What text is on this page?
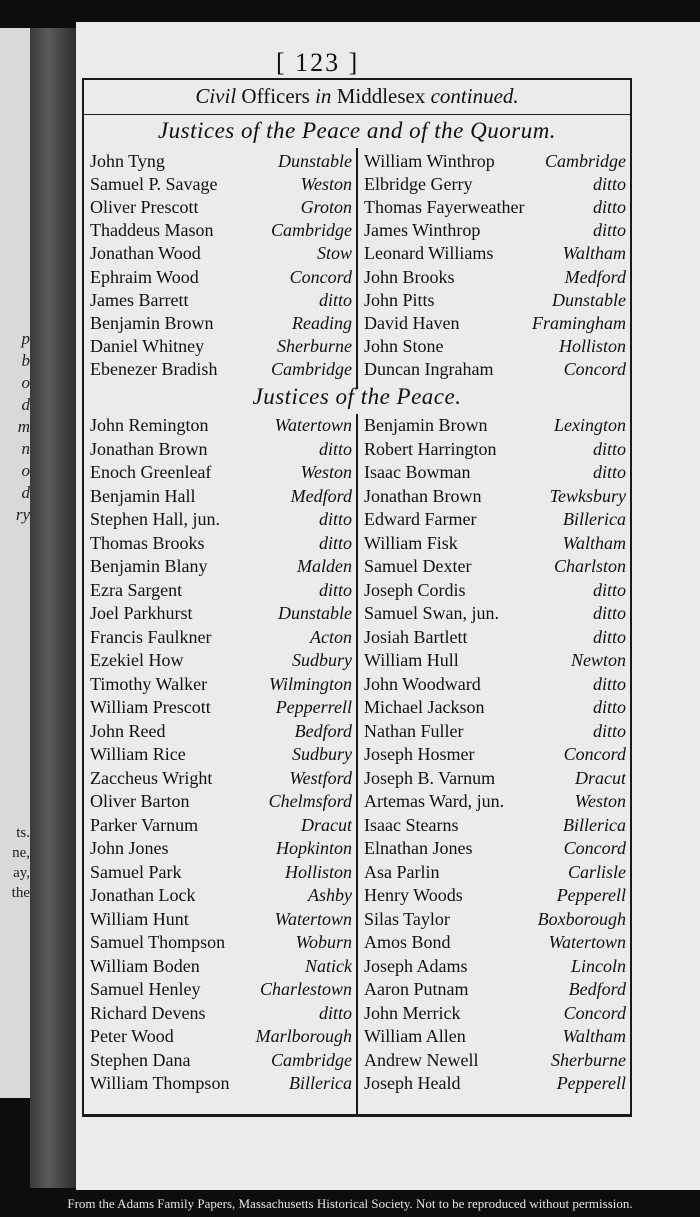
p
b
o
d
m
n
o
d
ry
ts.
ne,
ay,
the
[ 123 ]
Civil Officers in Middlesex continued.
Justices of the Peace and of the Quorum.
John Tyng	Dunstable
Samuel P. Savage	Weston
Oliver Prescott	Groton
Thaddeus Mason	Cambridge
Jonathan Wood	Stow
Ephraim Wood	Concord
James Barrett	ditto
Benjamin Brown	Reading
Daniel Whitney	Sherburne
Ebenezer Bradish	Cambridge
William Winthrop	Cambridge
Elbridge Gerry	ditto
Thomas Fayerweather	ditto
James Winthrop	ditto
Leonard Williams	Waltham
John Brooks	Medford
John Pitts	Dunstable
David Haven	Framingham
John Stone	Holliston
Duncan Ingraham	Concord
Justices of the Peace.
John Remington	Watertown
Jonathan Brown	ditto
Enoch Greenleaf	Weston
Benjamin Hall	Medford
Stephen Hall, jun.	ditto
Thomas Brooks	ditto
Benjamin Blany	Malden
Ezra Sargent	ditto
Joel Parkhurst	Dunstable
Francis Faulkner	Acton
Ezekiel How	Sudbury
Timothy Walker	Wilmington
William Prescott	Pepperrell
John Reed	Bedford
William Rice	Sudbury
Zaccheus Wright	Westford
Oliver Barton	Chelmsford
Parker Varnum	Dracut
John Jones	Hopkinton
Samuel Park	Holliston
Jonathan Lock	Ashby
William Hunt	Watertown
Samuel Thompson	Woburn
William Boden	Natick
Samuel Henley	Charlestown
Richard Devens	ditto
Peter Wood	Marlborough
Stephen Dana	Cambridge
William Thompson	Billerica
Benjamin Brown	Lexington
Robert Harrington	ditto
Isaac Bowman	ditto
Jonathan Brown	Tewksbury
Edward Farmer	Billerica
William Fisk	Waltham
Samuel Dexter	Charlston
Joseph Cordis	ditto
Samuel Swan, jun.	ditto
Josiah Bartlett	ditto
William Hull	Newton
John Woodward	ditto
Michael Jackson	ditto
Nathan Fuller	ditto
Joseph Hosmer	Concord
Joseph B. Varnum	Dracut
Artemas Ward, jun.	Weston
Isaac Stearns	Billerica
Elnathan Jones	Concord
Asa Parlin	Carlisle
Henry Woods	Pepperell
Silas Taylor	Boxborough
Amos Bond	Watertown
Joseph Adams	Lincoln
Aaron Putnam	Bedford
John Merrick	Concord
William Allen	Waltham
Andrew Newell	Sherburne
Joseph Heald	Pepperell
From the Adams Family Papers, Massachusetts Historical Society. Not to be reproduced without permission.
